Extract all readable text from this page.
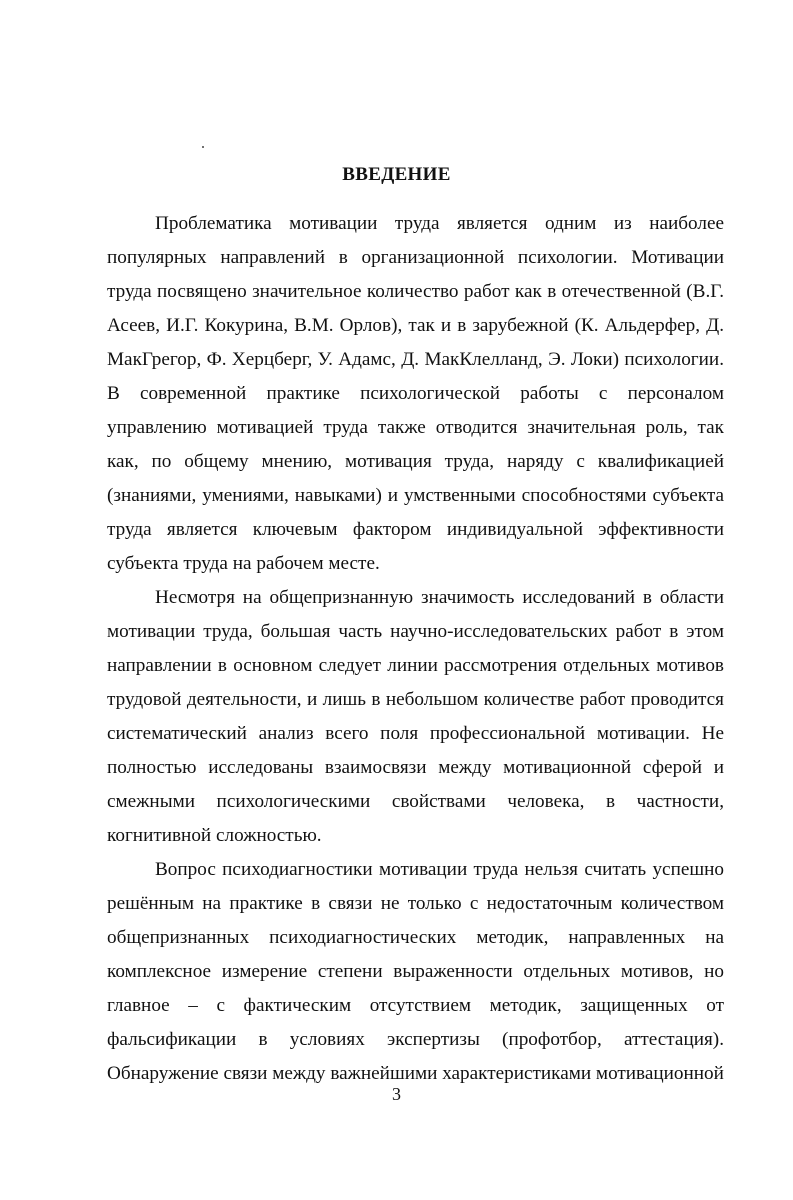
ВВЕДЕНИЕ

Проблематика мотивации труда является одним из наиболее популярных направлений в организационной психологии. Мотивации труда посвящено значительное количество работ как в отечественной (В.Г. Асеев, И.Г. Кокурина, В.М. Орлов), так и в зарубежной (К. Альдерфер, Д. МакГрегор, Ф. Херцберг, У. Адамс, Д. МакКлелланд, Э. Локи) психологии. В современной практике психологической работы с персоналом управлению мотивацией труда также отводится значительная роль, так как, по общему мнению, мотивация труда, наряду с квалификацией (знаниями, умениями, навыками) и умственными способностями субъекта труда является ключевым фактором индивидуальной эффективности субъекта труда на рабочем месте.

Несмотря на общепризнанную значимость исследований в области мотивации труда, бoльшая часть научно-исследовательских работ в этом направлении в основном следует линии рассмотрения отдельных мотивов трудовой деятельности, и лишь в небольшом количестве работ проводится систематический анализ всего поля профессиональной мотивации. Не полностью исследованы взаимосвязи между мотивационной сферой и смежными психологическими свойствами человека, в частности, когнитивной сложностью.

Вопрос психодиагностики мотивации труда нельзя считать успешно решённым на практике в связи не только с недостаточным количеством общепризнанных психодиагностических методик, направленных на комплексное измерение степени выраженности отдельных мотивов, но главное – с фактическим отсутствием методик, защищенных от фальсификации в условиях экспертизы (профотбор, аттестация). Обнаружение связи между важнейшими характеристиками мотивационной

3
